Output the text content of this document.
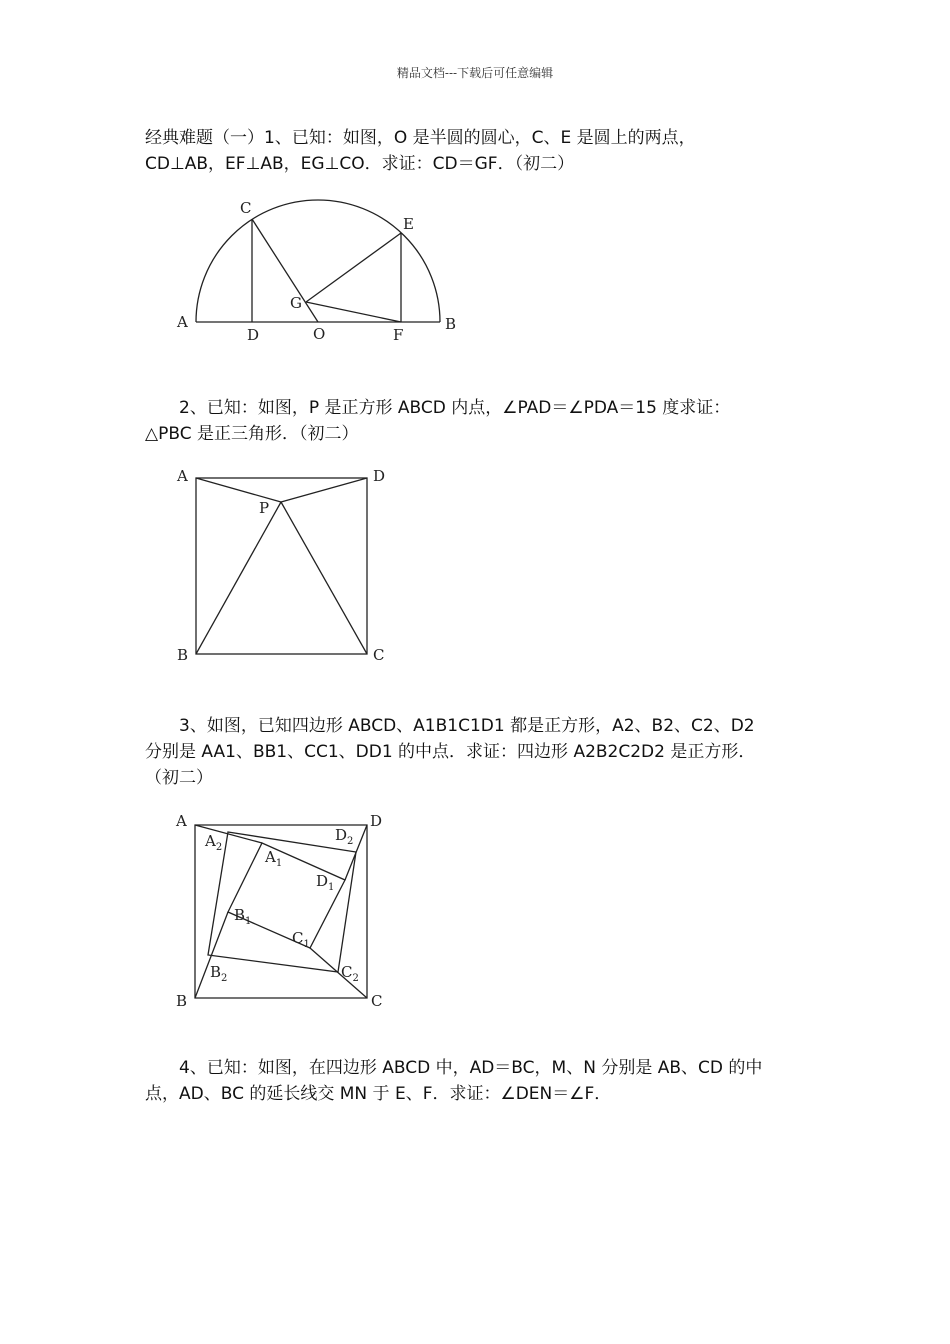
精品文档---下载后可任意编辑
经典难题（一）1、已知：如图，O 是半圆的圆心，C、E 是圆上的两点，
CD⊥AB，EF⊥AB，EG⊥CO．求证：CD＝GF．（初二）
A	B
C
D
E
F
G
O
2、已知：如图，P 是正方形 ABCD 内点，∠PAD＝∠PDA＝15 度求证：
△PBC 是正三角形．（初二）
A	D
B	C
P
3、如图，已知四边形 ABCD、A1B1C1D1 都是正方形，A2、B2、C2、D2
分别是 AA1、BB1、CC1、DD1 的中点．求证：四边形 A2B2C2D2 是正方形．
（初二）
A	D
B	C
$A_1$
$D_1$
$B_1$
$C_1$
$A_2$
$D_2$
$B_2$	$C_2$
4、已知：如图，在四边形 ABCD 中，AD＝BC，M、N 分别是 AB、CD 的中
点，AD、BC 的延长线交 MN 于 E、F．求证：∠DEN＝∠F．
